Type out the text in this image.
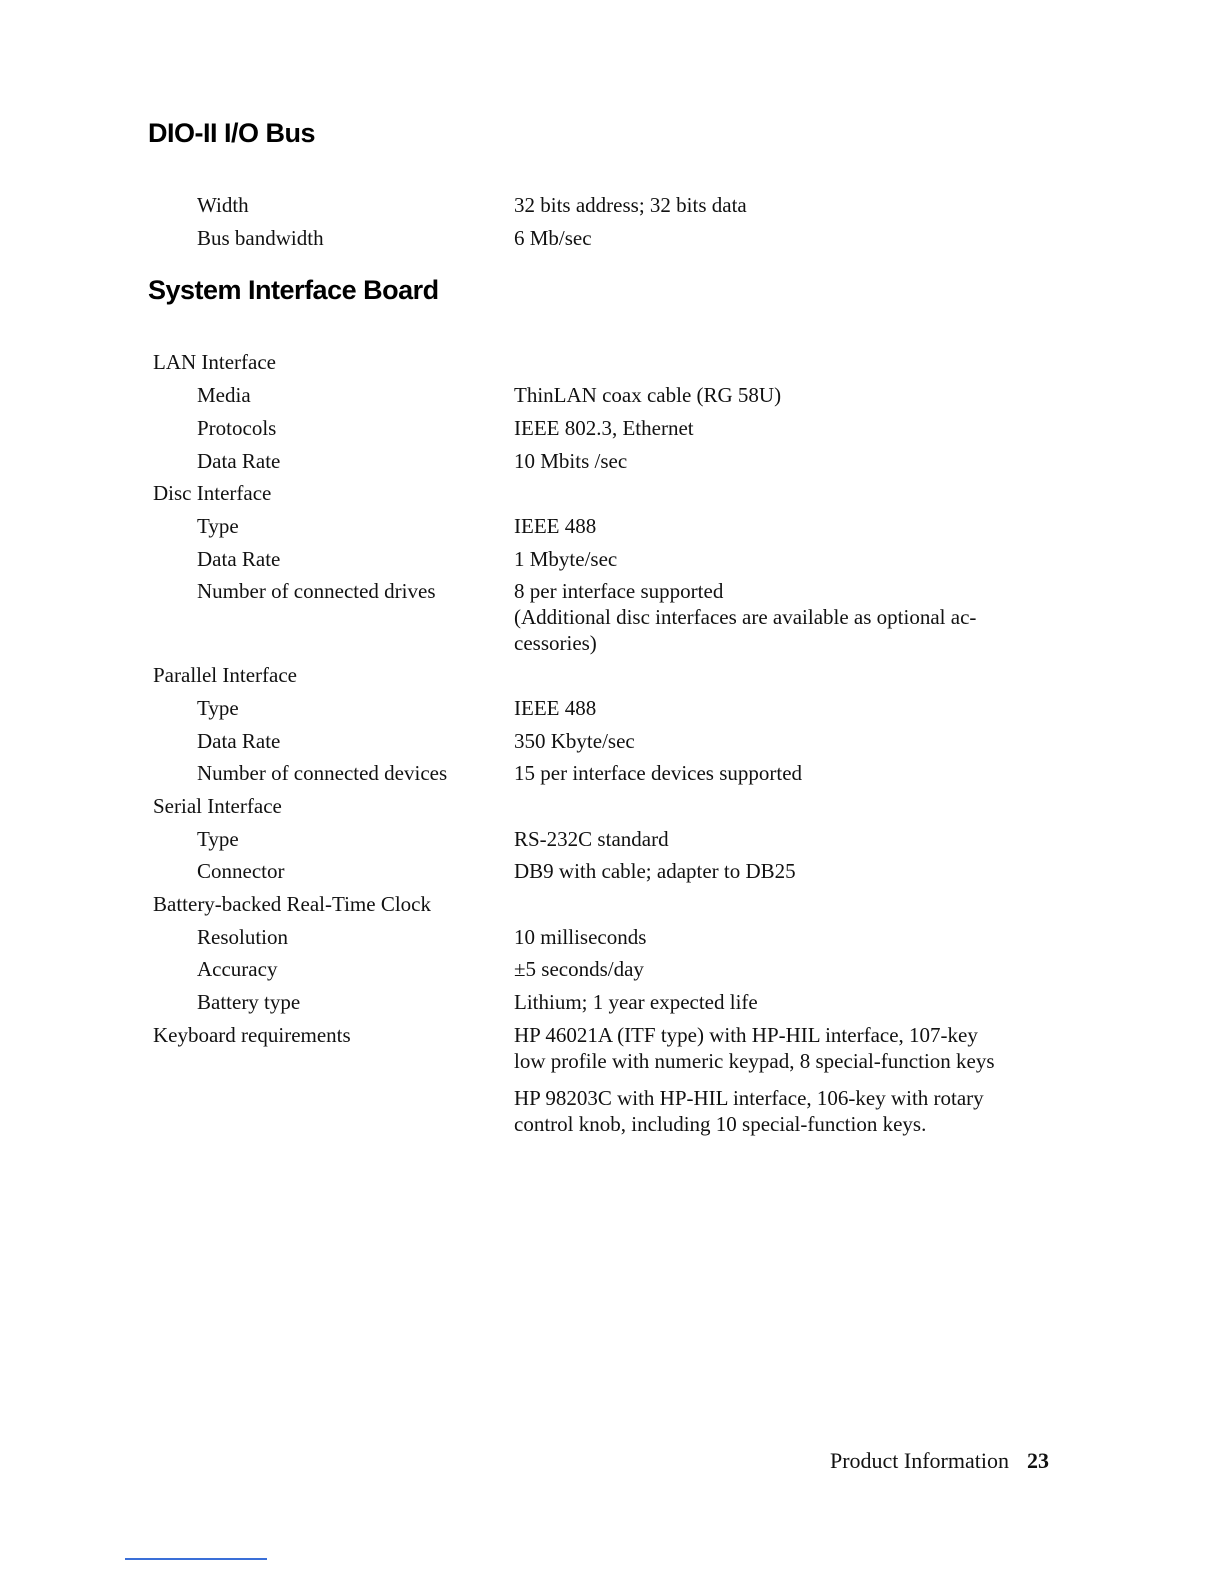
DIO-II I/O Bus
Width	32 bits address; 32 bits data
Bus bandwidth	6 Mb/sec
System Interface Board
LAN Interface
Media	ThinLAN coax cable (RG 58U)
Protocols	IEEE 802.3, Ethernet
Data Rate	10 Mbits /sec
Disc Interface
Type	IEEE 488
Data Rate	1 Mbyte/sec
Number of connected drives	8 per interface supported
(Additional disc interfaces are available as optional ac-
cessories)
Parallel Interface
Type	IEEE 488
Data Rate	350 Kbyte/sec
Number of connected devices	15 per interface devices supported
Serial Interface
Type	RS-232C standard
Connector	DB9 with cable; adapter to DB25
Battery-backed Real-Time Clock
Resolution	10 milliseconds
Accuracy	±5 seconds/day
Battery type	Lithium; 1 year expected life
Keyboard requirements	HP 46021A (ITF type) with HP-HIL interface, 107-key
low profile with numeric keypad, 8 special-function keys
HP 98203C with HP-HIL interface, 106-key with rotary
control knob, including 10 special-function keys.
Product Information 23
